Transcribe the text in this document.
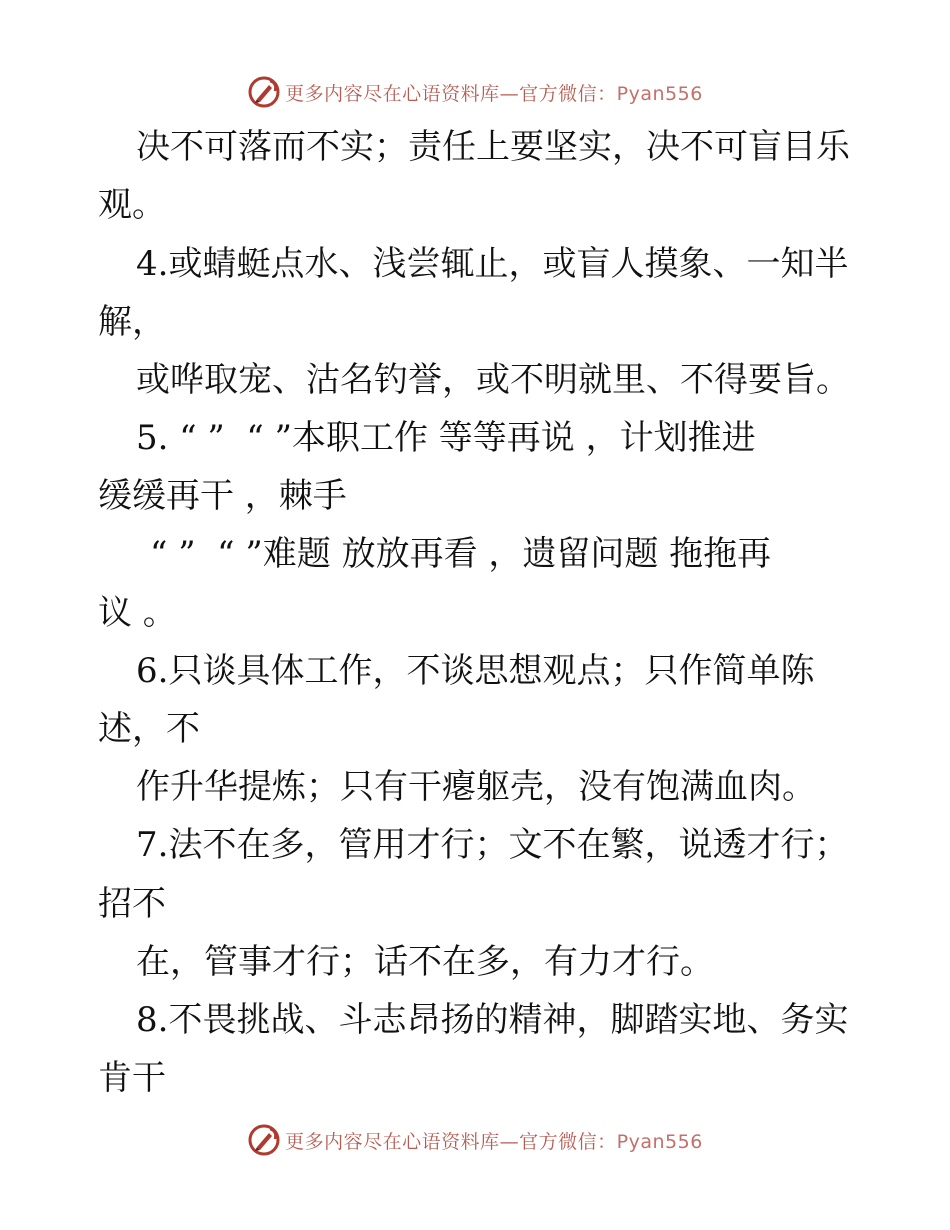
更多内容尽在心语资料库—官方微信：Pyan556
决不可落而不实；责任上要坚实，决不可盲目乐
观。
4.或蜻蜓点水、浅尝辄止，或盲人摸象、一知半
解，
或哗取宠、沽名钓誉，或不明就里、不得要旨。
5. “ ”  “ ”本职工作 等等再说 ，计划推进
缓缓再干 ，棘手
“ ”  “ ”难题 放放再看 ，遗留问题 拖拖再
议 。
6.只谈具体工作，不谈思想观点；只作简单陈
述，不
作升华提炼；只有干瘪躯壳，没有饱满血肉。
7.法不在多，管用才行；文不在繁，说透才行；
招不
在，管事才行；话不在多，有力才行。
8.不畏挑战、斗志昂扬的精神，脚踏实地、务实
肯干
更多内容尽在心语资料库—官方微信：Pyan556
